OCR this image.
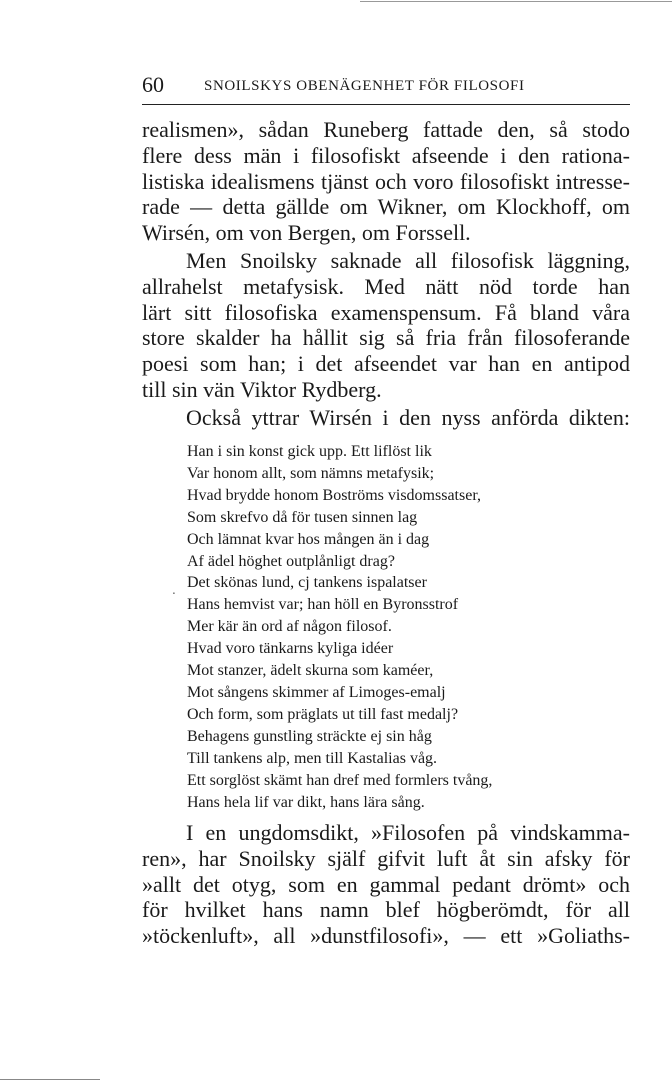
60	SNOILSKYS OBENÄGENHET FÖR FILOSOFI
realismen», sådan Runeberg fattade den, så stodo
flere dess män i filosofiskt afseende i den rationa-
listiska idealismens tjänst och voro filosofiskt intresse-
rade — detta gällde om Wikner, om Klockhoff, om
Wirsén, om von Bergen, om Forssell.
Men Snoilsky saknade all filosofisk läggning,
allrahelst metafysisk. Med nätt nöd torde han
lärt sitt filosofiska examenspensum. Få bland våra
store skalder ha hållit sig så fria från filosoferande
poesi som han; i det afseendet var han en antipod
till sin vän Viktor Rydberg.
Också yttrar Wirsén i den nyss anförda dikten:
Han i sin konst gick upp. Ett liflöst lik
Var honom allt, som nämns metafysik;
Hvad brydde honom Boströms visdomssatser,
Som skrefvo då för tusen sinnen lag
Och lämnat kvar hos mången än i dag
Af ädel höghet outplånligt drag?
Det skönas lund, cj tankens ispalatser
Hans hemvist var; han höll en Byronsstrof
Mer kär än ord af någon filosof.
Hvad voro tänkarns kyliga idéer
Mot stanzer, ädelt skurna som kaméer,
Mot sångens skimmer af Limoges-emalj
Och form, som präglats ut till fast medalj?
Behagens gunstling sträckte ej sin håg
Till tankens alp, men till Kastalias våg.
Ett sorglöst skämt han dref med formlers tvång,
Hans hela lif var dikt, hans lära sång.
.
I en ungdomsdikt, »Filosofen på vindskamma-
ren», har Snoilsky själf gifvit luft åt sin afsky för
»allt det otyg, som en gammal pedant drömt» och
för hvilket hans namn blef högberömdt, för all
»töckenluft», all »dunstfilosofi», — ett »Goliaths-
